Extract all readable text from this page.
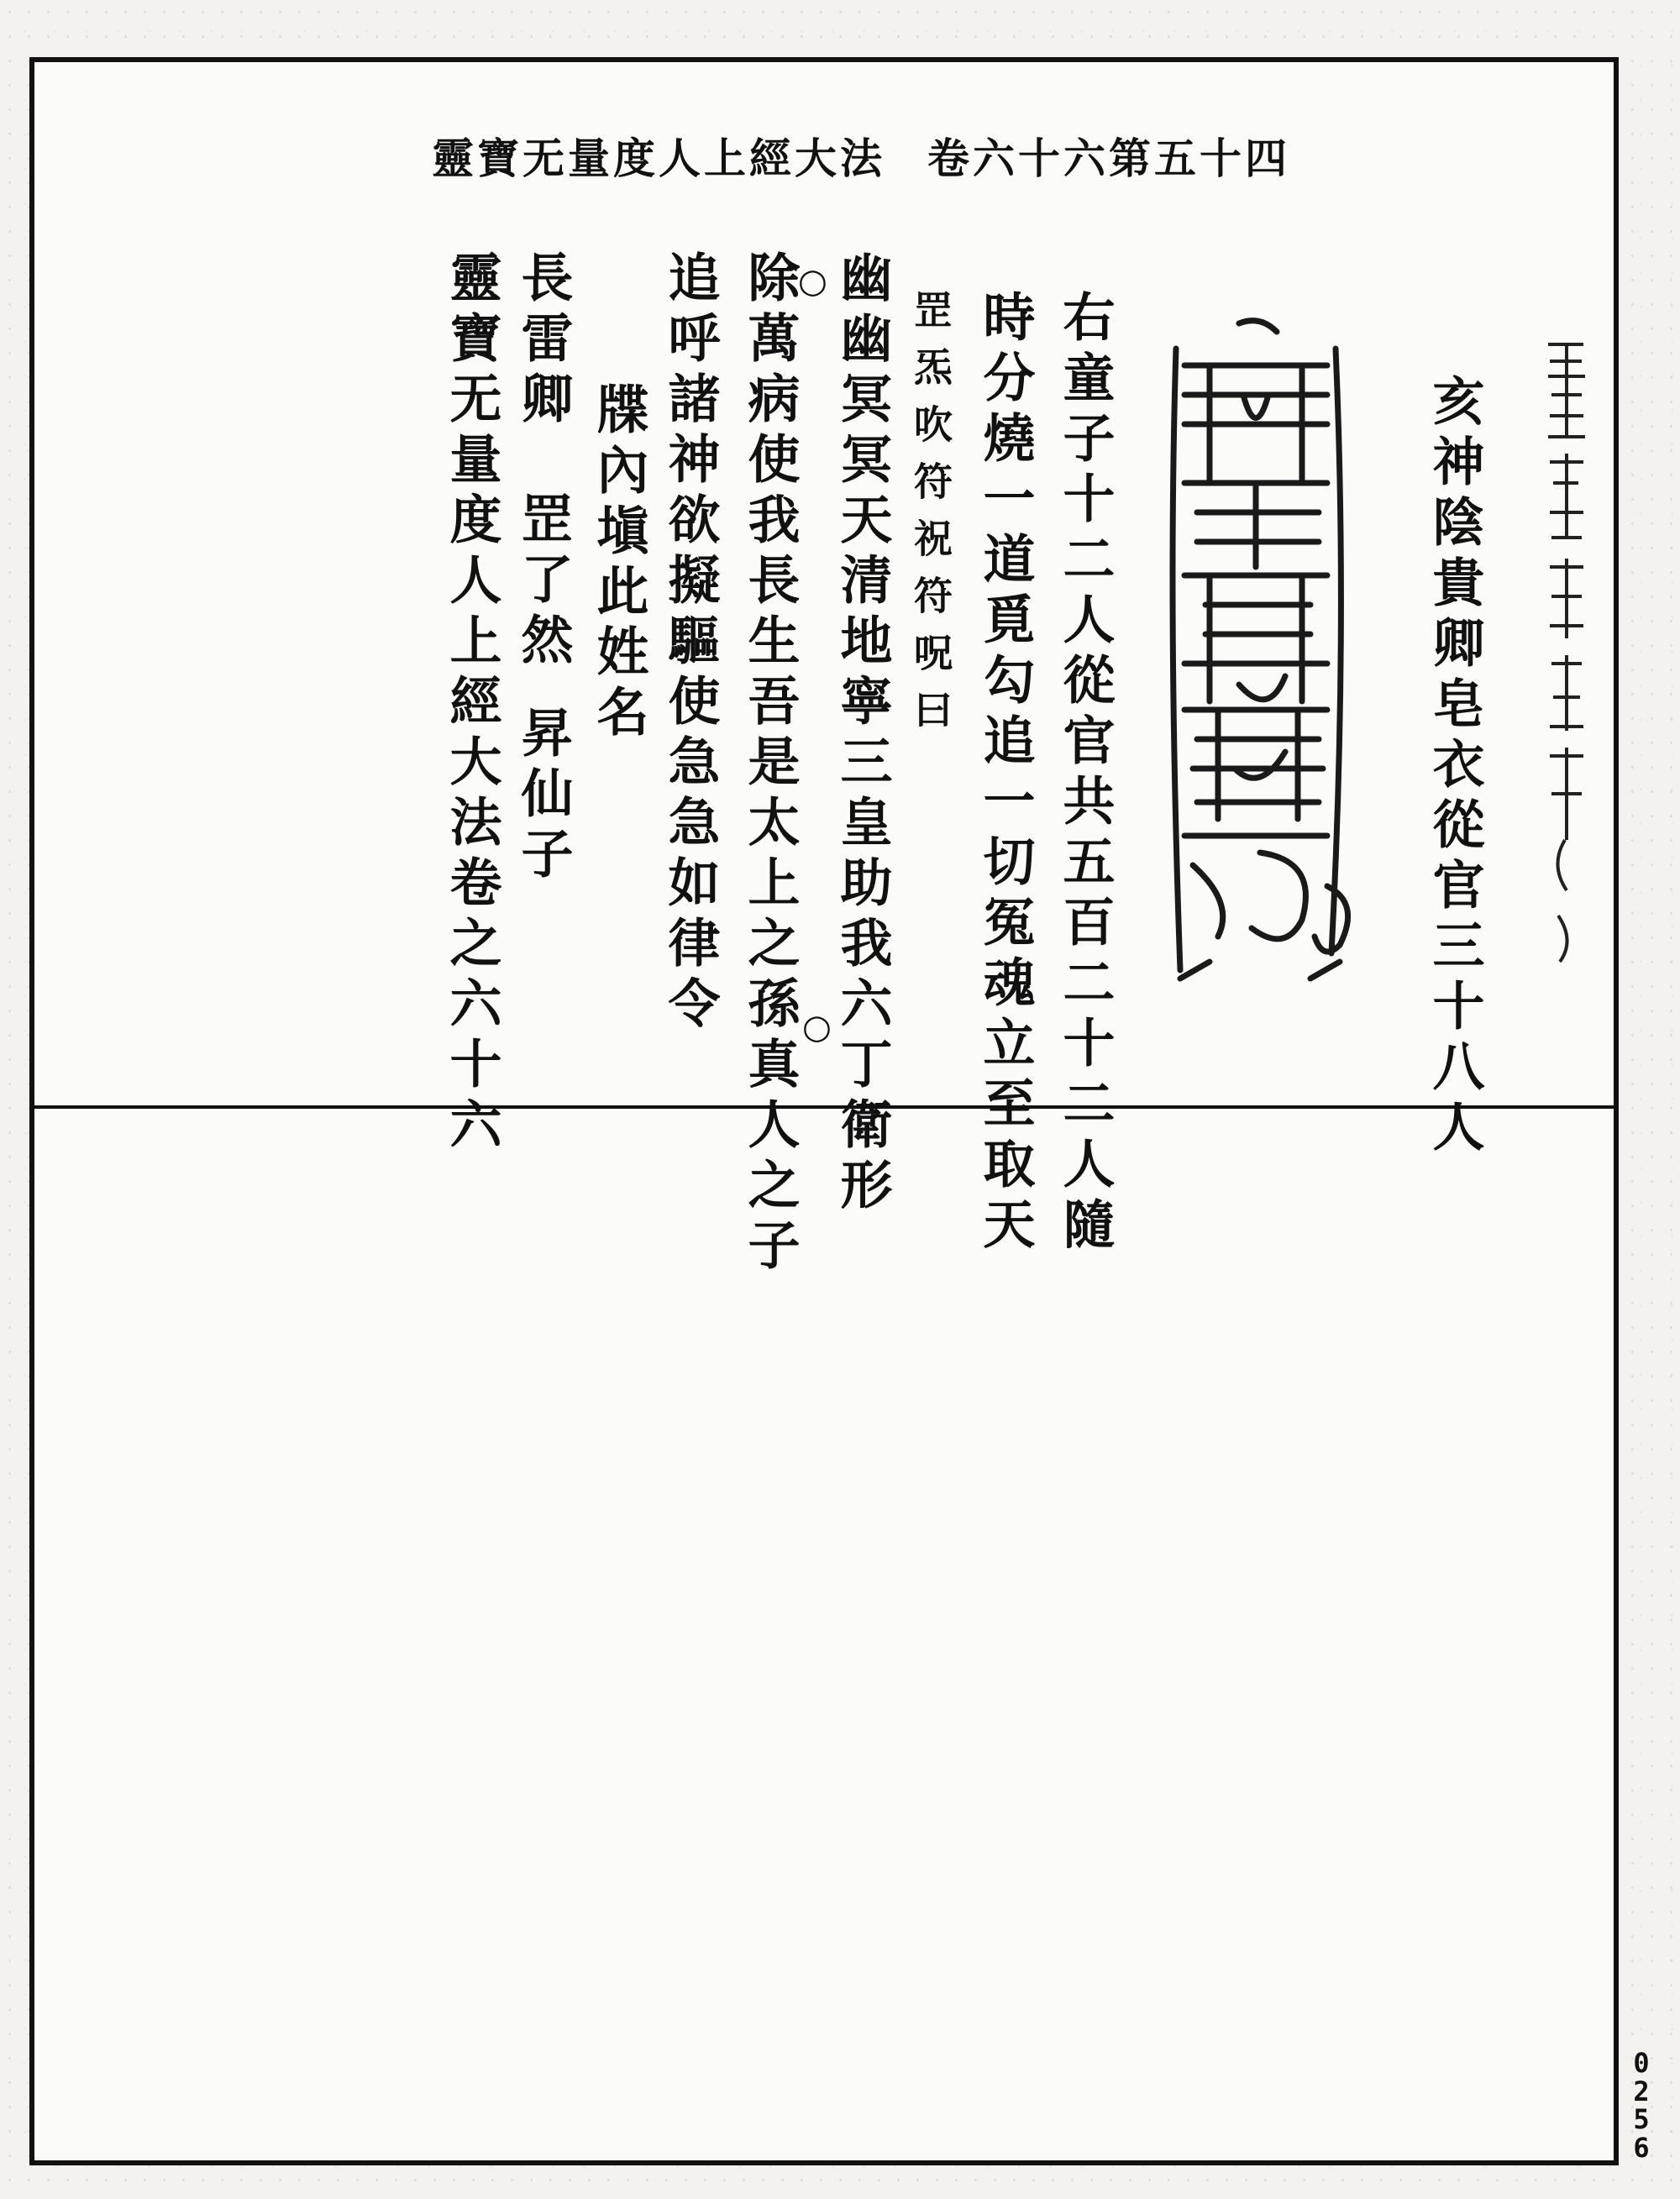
靈寶无量度人上經大法 卷六十六第五十四
亥神陰貴卿皂衣從官三十八人
右童子十二人從官共五百二十二人隨
時分燒一道覓勾追一切冤魂立至取天
罡炁吹符祝符呪曰
幽幽冥冥天清地寧三皇助我六丁衛形
○
○
除萬病使我長生吾是太上之孫真人之子
追呼諸神欲擬驅使急急如律令
牒內塡此姓名
長雷卿
罡了然
昇仙子
靈寶无量度人上經大法卷之六十六
0256
